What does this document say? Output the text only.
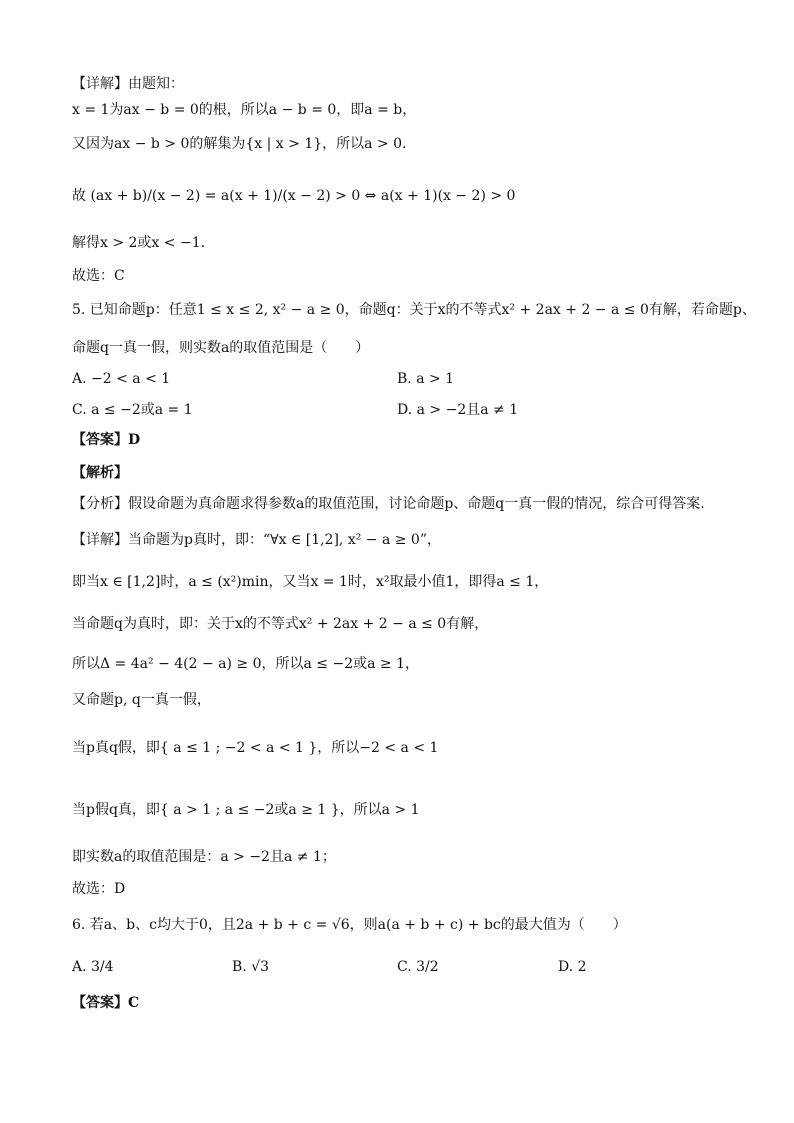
【详解】由题知：
x = 1为ax − b = 0的根，所以a − b = 0，即a = b，
又因为ax − b > 0的解集为{x | x > 1}，所以a > 0.
故 (ax + b)/(x − 2) = a(x + 1)/(x − 2) > 0 ⇔ a(x + 1)(x − 2) > 0
解得x > 2或x < −1.
故选：C
5. 已知命题p：任意1 ≤ x ≤ 2, x² − a ≥ 0，命题q：关于x的不等式x² + 2ax + 2 − a ≤ 0有解，若命题p、
命题q一真一假，则实数a的取值范围是（　　）
A. −2 < a < 1	B. a > 1
C. a ≤ −2或a = 1	D. a > −2且a ≠ 1
【答案】D
【解析】
【分析】假设命题为真命题求得参数a的取值范围，讨论命题p、命题q一真一假的情况，综合可得答案.
【详解】当命题为p真时，即：“∀x ∈ [1,2], x² − a ≥ 0”，
即当x ∈ [1,2]时，a ≤ (x²)min，又当x = 1时，x²取最小值1，即得a ≤ 1，
当命题q为真时，即：关于x的不等式x² + 2ax + 2 − a ≤ 0有解，
所以Δ = 4a² − 4(2 − a) ≥ 0，所以a ≤ −2或a ≥ 1，
又命题p, q一真一假，
当p真q假，即{ a ≤ 1 ; −2 < a < 1 }，所以−2 < a < 1
当p假q真，即{ a > 1 ; a ≤ −2或a ≥ 1 }，所以a > 1
即实数a的取值范围是：a > −2且a ≠ 1；
故选：D
6. 若a、b、c均大于0，且2a + b + c = √6，则a(a + b + c) + bc的最大值为（　　）
A. 3/4	B. √3	C. 3/2	D. 2
【答案】C
